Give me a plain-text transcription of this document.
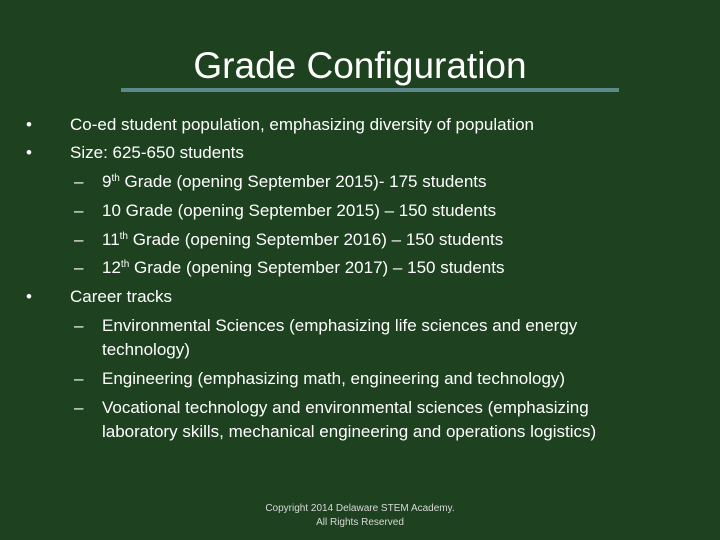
Grade Configuration
• Co-ed student population, emphasizing diversity of population
• Size: 625-650 students
– 9th Grade (opening September 2015)- 175 students
– 10 Grade (opening September 2015) – 150 students
– 11th Grade (opening September 2016) – 150 students
– 12th Grade (opening September 2017) – 150 students
• Career tracks
– Environmental Sciences (emphasizing life sciences and energy
technology)
– Engineering (emphasizing math, engineering and technology)
– Vocational technology and environmental sciences (emphasizing
laboratory skills, mechanical engineering and operations logistics)
Copyright 2014 Delaware STEM Academy.
All Rights Reserved
